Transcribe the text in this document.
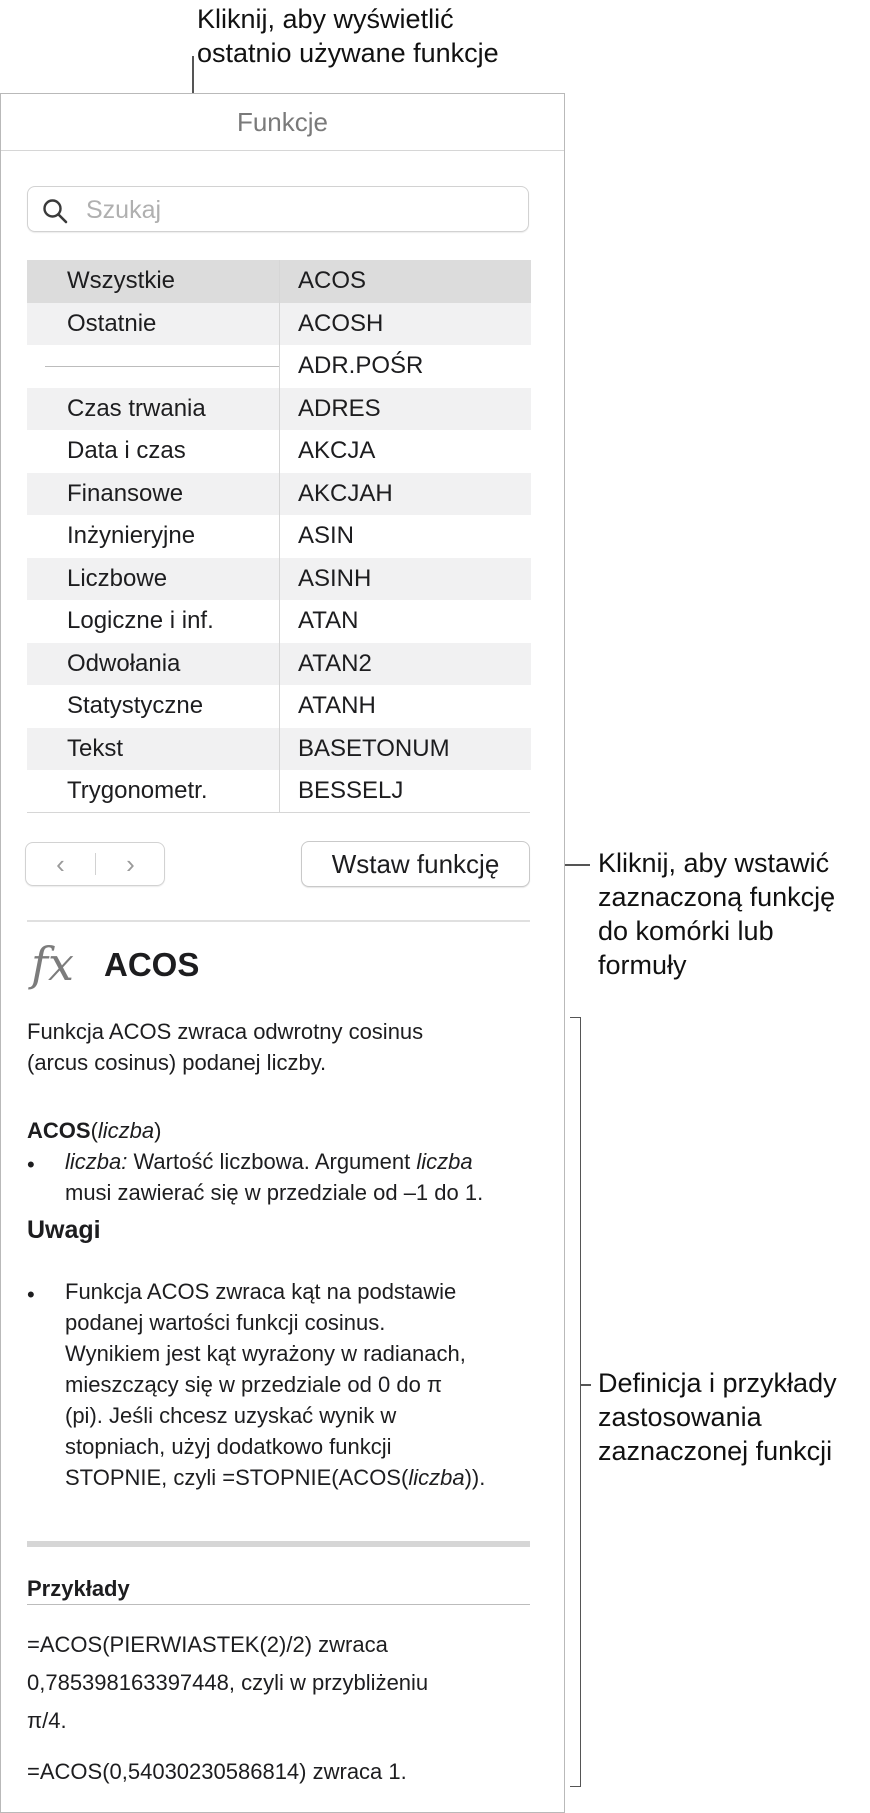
Kliknij, aby wyświetlić
ostatnio używane funkcje
Kliknij, aby wstawić
zaznaczoną funkcję
do komórki lub
formuły
Definicja i przykłady
zastosowania
zaznaczonej funkcji
Funkcje
Szukaj
Wszystkie
Ostatnie
Czas trwania
Data i czas
Finansowe
Inżynieryjne
Liczbowe
Logiczne i inf.
Odwołania
Statystyczne
Tekst
Trygonometr.
ACOS
ACOSH
ADR.POŚR
ADRES
AKCJA
AKCJAH
ASIN
ASINH
ATAN
ATAN2
ATANH
BASETONUM
BESSELJ
‹	›	Wstaw funkcję
fx ACOS
Funkcja ACOS zwraca odwrotny cosinus
(arcus cosinus) podanej liczby.
ACOS(liczba)
• liczba: Wartość liczbowa. Argument liczba
musi zawierać się w przedziale od –1 do 1.
Uwagi
• Funkcja ACOS zwraca kąt na podstawie
podanej wartości funkcji cosinus.
Wynikiem jest kąt wyrażony w radianach,
mieszczący się w przedziale od 0 do π
(pi). Jeśli chcesz uzyskać wynik w
stopniach, użyj dodatkowo funkcji
STOPNIE, czyli =STOPNIE(ACOS(liczba)).
Przykłady
=ACOS(PIERWIASTEK(2)/2) zwraca
0,785398163397448, czyli w przybliżeniu
π/4.
=ACOS(0,54030230586814) zwraca 1.
